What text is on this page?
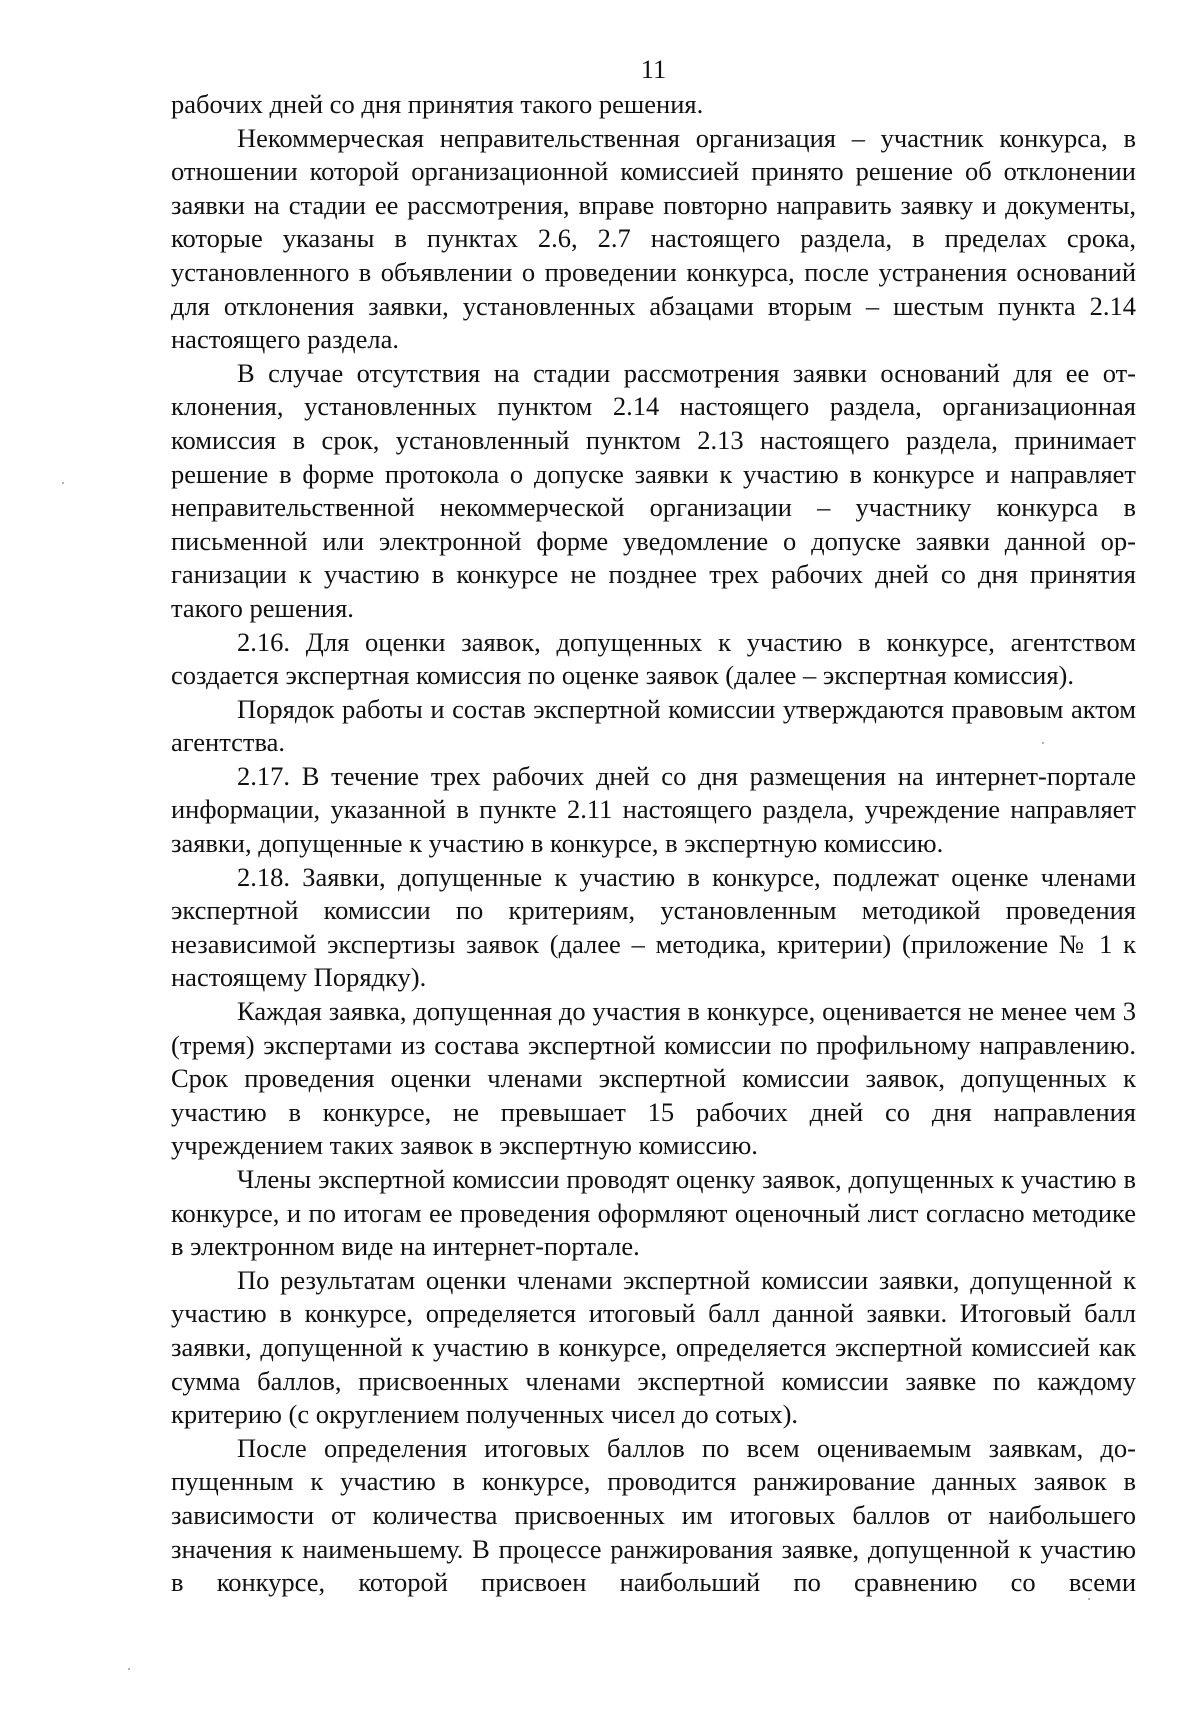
11

рабочих дней со дня принятия такого решения.

Некоммерческая неправительственная организация – участник конкурса, в отношении которой организационной комиссией принято решение об отклонении заявки на стадии ее рассмотрения, вправе повторно направить заявку и документы, которые указаны в пунктах 2.6, 2.7 настоящего раздела, в пределах срока, установленного в объявлении о проведении конкурса, после устранения оснований для отклонения заявки, установленных абзацами вторым – шестым пункта 2.14 настоящего раздела.

В случае отсутствия на стадии рассмотрения заявки оснований для ее отклонения, установленных пунктом 2.14 настоящего раздела, организационная комиссия в срок, установленный пунктом 2.13 настоящего раздела, принимает решение в форме протокола о допуске заявки к участию в конкурсе и направляет неправительственной некоммерческой организации – участнику конкурса в письменной или электронной форме уведомление о допуске заявки данной организации к участию в конкурсе не позднее трех рабочих дней со дня принятия такого решения.

2.16. Для оценки заявок, допущенных к участию в конкурсе, агентством создается экспертная комиссия по оценке заявок (далее – экспертная комиссия).

Порядок работы и состав экспертной комиссии утверждаются правовым актом агентства.

2.17. В течение трех рабочих дней со дня размещения на интернет-портале информации, указанной в пункте 2.11 настоящего раздела, учреждение направляет заявки, допущенные к участию в конкурсе, в экспертную комиссию.

2.18. Заявки, допущенные к участию в конкурсе, подлежат оценке членами экспертной комиссии по критериям, установленным методикой проведения независимой экспертизы заявок (далее – методика, критерии) (приложение № 1 к настоящему Порядку).

Каждая заявка, допущенная до участия в конкурсе, оценивается не менее чем 3 (тремя) экспертами из состава экспертной комиссии по профильному направлению. Срок проведения оценки членами экспертной комиссии заявок, допущенных к участию в конкурсе, не превышает 15 рабочих дней со дня направления учреждением таких заявок в экспертную комиссию.

Члены экспертной комиссии проводят оценку заявок, допущенных к участию в конкурсе, и по итогам ее проведения оформляют оценочный лист согласно методике в электронном виде на интернет-портале.

По результатам оценки членами экспертной комиссии заявки, допущенной к участию в конкурсе, определяется итоговый балл данной заявки. Итоговый балл заявки, допущенной к участию в конкурсе, определяется экспертной комиссией как сумма баллов, присвоенных членами экспертной комиссии заявке по каждому критерию (с округлением полученных чисел до сотых).

После определения итоговых баллов по всем оцениваемым заявкам, допущенным к участию в конкурсе, проводится ранжирование данных заявок в зависимости от количества присвоенных им итоговых баллов от наибольшего значения к наименьшему. В процессе ранжирования заявке, допущенной к участию в конкурсе, которой присвоен наибольший по сравнению со всеми
